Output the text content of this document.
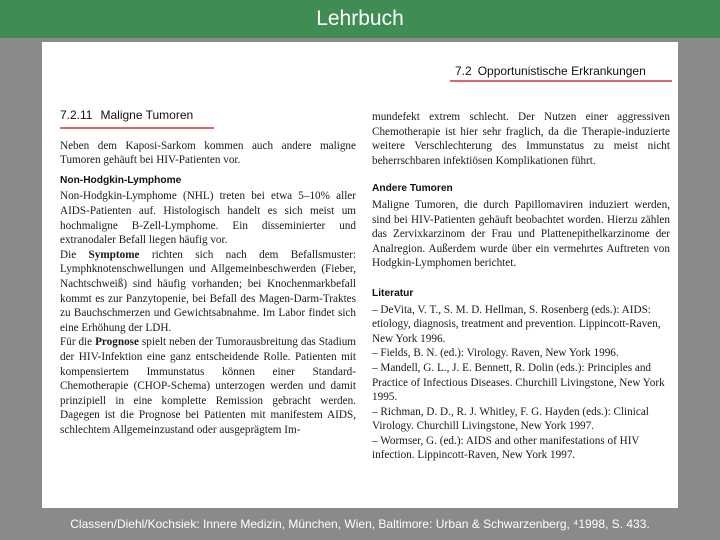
Lehrbuch
7.2 Opportunistische Erkrankungen
7.2.11 Maligne Tumoren

Neben dem Kaposi-Sarkom kommen auch andere maligne Tumoren gehäuft bei HIV-Patienten vor.

Non-Hodgkin-Lymphome

Non-Hodgkin-Lymphome (NHL) treten bei etwa 5–10% aller AIDS-Patienten auf. Histologisch handelt es sich meist um hochmaligne B-Zell-Lymphome. Ein disseminierter und extranodaler Befall liegen häufig vor.

Die Symptome richten sich nach dem Befallsmuster: Lymphknotenschwellungen und Allgemeinbeschwerden (Fieber, Nachtschweiß) sind häufig vorhanden; bei Knochenmarkbefall kommt es zur Panzytopenie, bei Befall des Magen-Darm-Traktes zu Bauchschmerzen und Gewichtsabnahme. Im Labor findet sich eine Erhöhung der LDH.

Für die Prognose spielt neben der Tumorausbreitung das Stadium der HIV-Infektion eine ganz entscheidende Rolle. Patienten mit kompensiertem Immunstatus können einer Standard-Chemotherapie (CHOP-Schema) unterzogen werden und damit prinzipiell in eine komplette Remission gebracht werden. Dagegen ist die Prognose bei Patienten mit manifestem AIDS, schlechtem Allgemeinzustand oder ausgeprägtem Im-

mundefekt extrem schlecht. Der Nutzen einer aggressiven Chemotherapie ist hier sehr fraglich, da die Therapie-induzierte weitere Verschlechterung des Immunstatus zu meist nicht beherrschbaren infektiösen Komplikationen führt.

Andere Tumoren

Maligne Tumoren, die durch Papillomaviren induziert werden, sind bei HIV-Patienten gehäuft beobachtet worden. Hierzu zählen das Zervixkarzinom der Frau und Plattenepithelkarzinome der Analregion. Außerdem wurde über ein vermehrtes Auftreten von Hodgkin-Lymphomen berichtet.

Literatur

– DeVita, V. T., S. M. D. Hellman, S. Rosenberg (eds.): AIDS: etiology, diagnosis, treatment and prevention. Lippincott-Raven, New York 1996.

– Fields, B. N. (ed.): Virology. Raven, New York 1996.

– Mandell, G. L., J. E. Bennett, R. Dolin (eds.): Principles and Practice of Infectious Diseases. Churchill Livingstone, New York 1995.

– Richman, D. D., R. J. Whitley, F. G. Hayden (eds.): Clinical Virology. Churchill Livingstone, New York 1997.

– Wormser, G. (ed.): AIDS and other manifestations of HIV infection. Lippincott-Raven, New York 1997.

Classen/Diehl/Kochsiek: Innere Medizin, München, Wien, Baltimore: Urban & Schwarzenberg, ⁴1998, S. 433.
